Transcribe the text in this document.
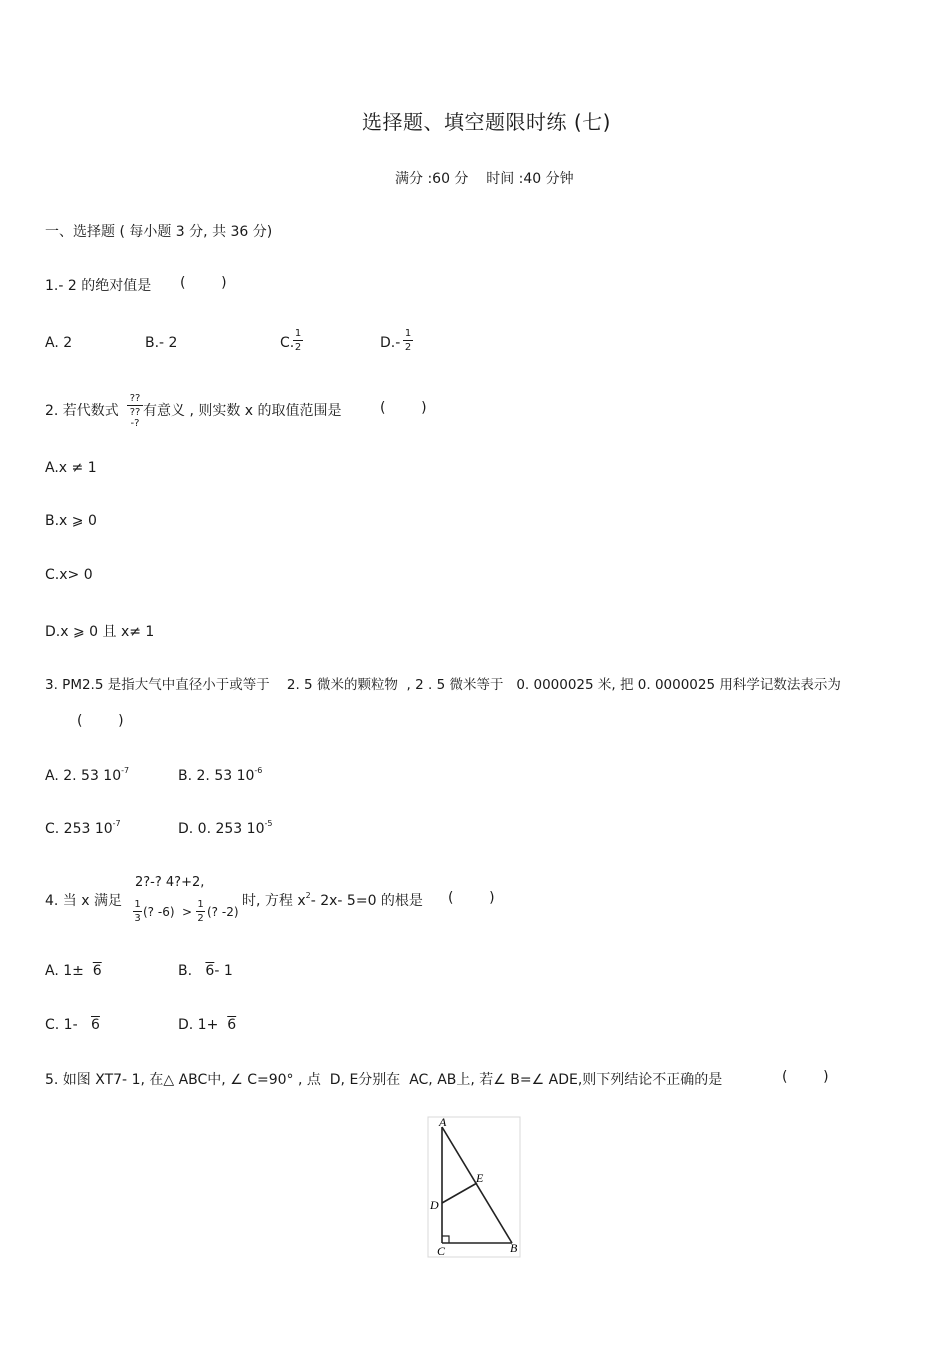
选择题、填空题限时练 (七)
满分 :60 分    时间 :40 分钟
一、选择题 ( 每小题 3 分, 共 36 分)
1.- 2 的绝对值是 (        )
A. 2	B.- 2	C.
1
2	D.-
1
2
2. 若代数式
??
??-?
有意义 , 则实数 x 的取值范围是	(        )
A.x ≠ 1
B.x ⩾ 0
C.x> 0
D.x ⩾ 0 且 x≠ 1
3. PM2.5 是指大气中直径小于或等于    2. 5 微米的颗粒物  , 2 . 5 微米等于   0. 0000025 米, 把 0. 0000025 用科学记数法表示为
(        )
A. 2. 53 $10^{-7}$	B. 2. 53 $10^{-6}$
C. 253 $10^{-7}$	D. 0. 253 $10^{-5}$
4. 当 x 满足
2?-? 4?+2,
1
3 (? -6) >
1
2 (? -2)
时, 方程 $x^2-$ 2x- 5=0 的根是 (        )
A. 1± 6	B. 6- 1
C. 1- 6	D. 1+ 6
5. 如图 XT7- 1, 在△ ABC中, ∠ C=90° , 点  D, E分别在  AC, AB上, 若∠ B=∠ ADE,则下列结论不正确的是	(        )
A
E
D
C	B
